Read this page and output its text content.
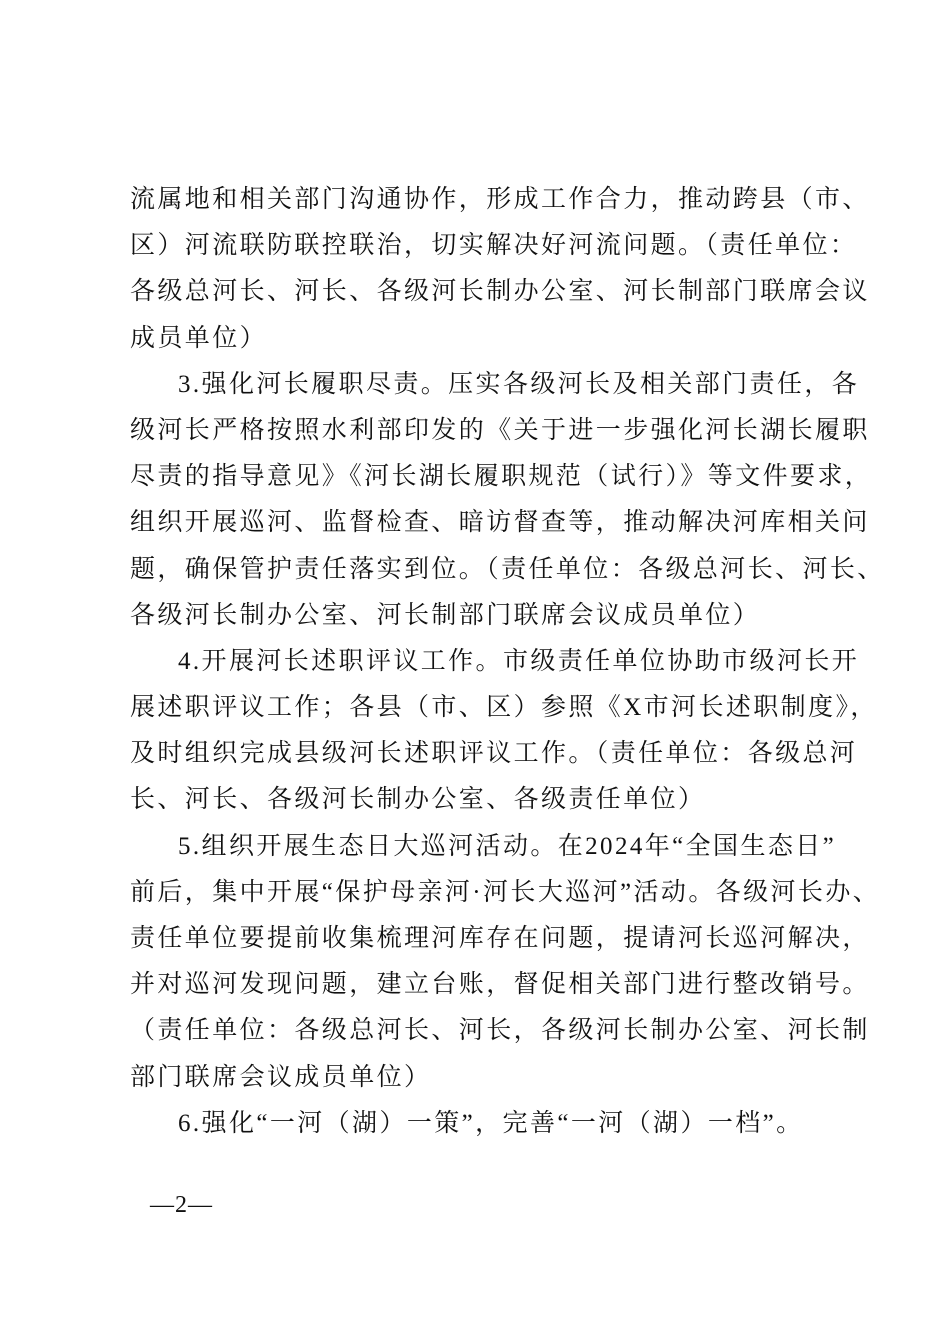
流属地和相关部门沟通协作，形成工作合力，推动跨县（市、
区）河流联防联控联治，切实解决好河流问题。（责任单位：
各级总河长、河长、各级河长制办公室、河长制部门联席会议
成员单位）
3.强化河长履职尽责。压实各级河长及相关部门责任，各
级河长严格按照水利部印发的《关于进一步强化河长湖长履职
尽责的指导意见》《河长湖长履职规范（试行）》等文件要求，
组织开展巡河、监督检查、暗访督查等，推动解决河库相关问
题，确保管护责任落实到位。（责任单位：各级总河长、河长、
各级河长制办公室、河长制部门联席会议成员单位）
4.开展河长述职评议工作。市级责任单位协助市级河长开
展述职评议工作；各县（市、区）参照《X市河长述职制度》，
及时组织完成县级河长述职评议工作。（责任单位：各级总河
长、河长、各级河长制办公室、各级责任单位）
5.组织开展生态日大巡河活动。在2024年“全国生态日”
前后，集中开展“保护母亲河·河长大巡河”活动。各级河长办、
责任单位要提前收集梳理河库存在问题，提请河长巡河解决，
并对巡河发现问题，建立台账，督促相关部门进行整改销号。
（责任单位：各级总河长、河长，各级河长制办公室、河长制
部门联席会议成员单位）
6.强化“一河（湖）一策”，完善“一河（湖）一档”。
—2—
